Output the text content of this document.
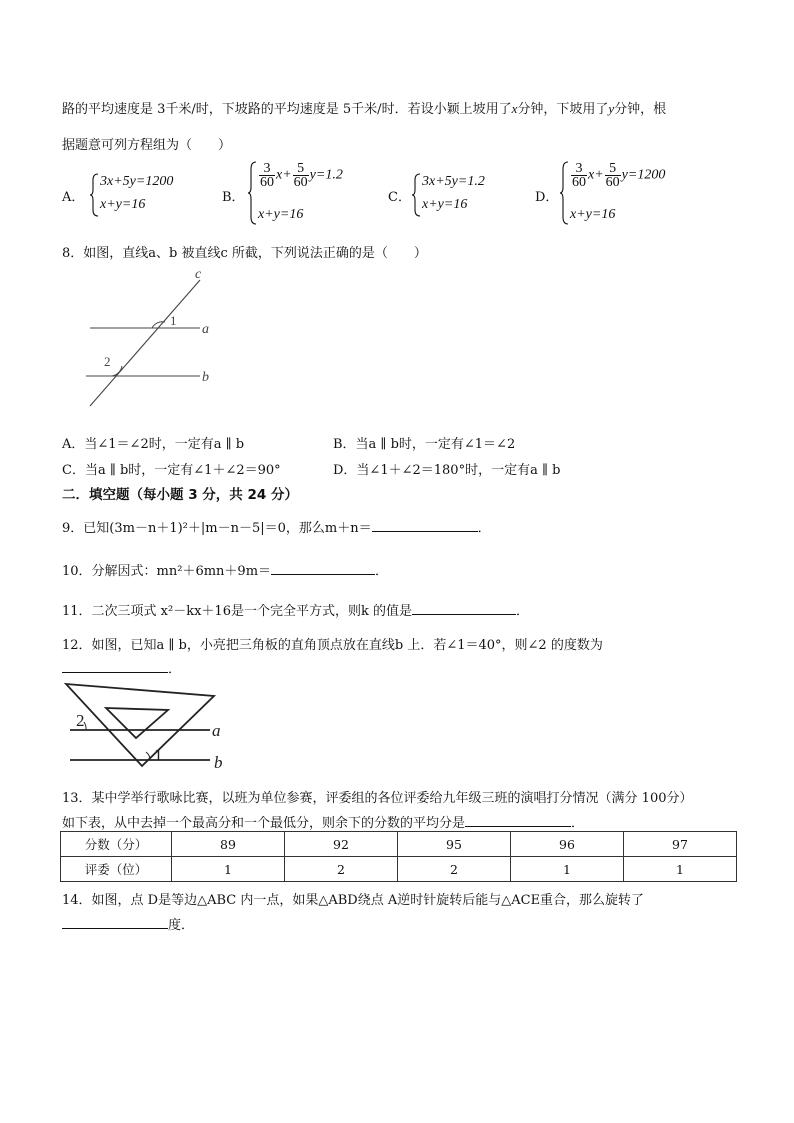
路的平均速度是 3千米/时，下坡路的平均速度是 5千米/时．若设小颖上坡用了x分钟，下坡用了y分钟，根
据题意可列方程组为（　　）
A．
3x+5y=1200
x+y=16	B．
$\frac{3}{60} x+ \frac{5}{60} y=1.2$
x+y=16
C．
3x+5y=1.2
x+y=16	D．
$\frac{3}{60} x+ \frac{5}{60} y=1200$
x+y=16
8．如图，直线a、b 被直线c 所截，下列说法正确的是（　　）
c
1
a
2
b
A．当∠1＝∠2时，一定有a ∥ b	B．当a ∥ b时，一定有∠1＝∠2
C．当a ∥ b时，一定有∠1＋∠2＝90°	D．当∠1＋∠2＝180°时，一定有a ∥ b
二．填空题（每小题 3 分，共 24 分）
9．已知(3m－n＋1)²＋|m－n－5|＝0，那么m＋n＝	．
10．分解因式：mn²＋6mn＋9m＝	．
11．二次三项式 x²－kx＋16是一个完全平方式，则k 的值是	．
12．如图，已知a ∥ b，小亮把三角板的直角顶点放在直线b 上．若∠1＝40°，则∠2 的度数为
．
2
1
a
b
13．某中学举行歌咏比赛，以班为单位参赛，评委组的各位评委给九年级三班的演唱打分情况（满分 100分）
如下表，从中去掉一个最高分和一个最低分，则余下的分数的平均分是	．
分数（分）	89	92	95	96	97
评委（位）	1	2	2	1	1
14．如图，点 D是等边△ABC 内一点，如果△ABD绕点 A逆时针旋转后能与△ACE重合，那么旋转了
度．
